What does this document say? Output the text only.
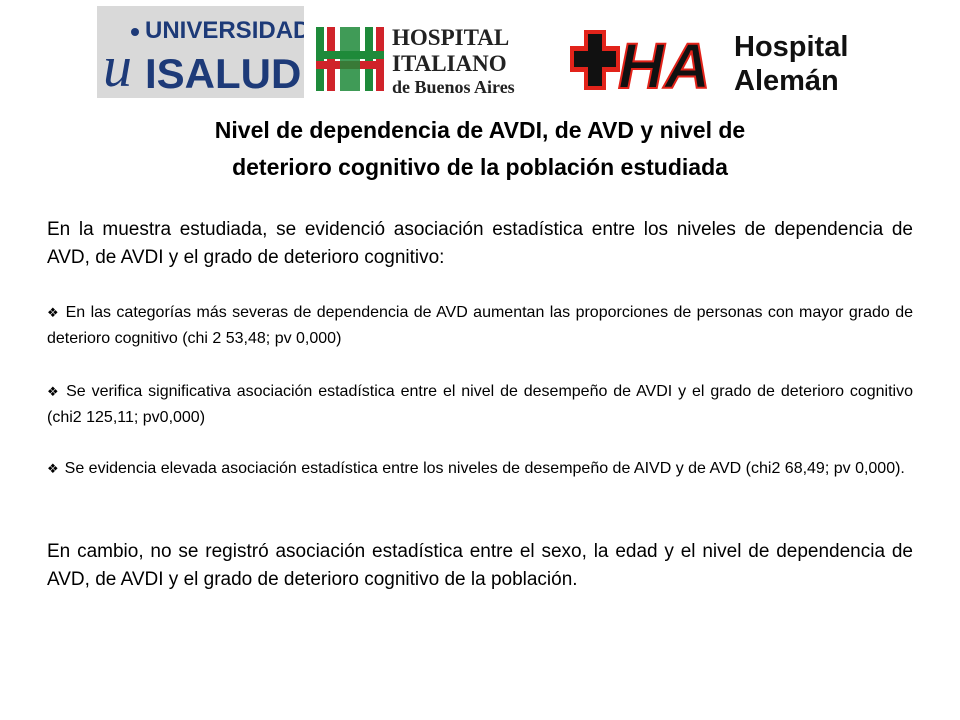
UNIVERSIDAD
u ISALUD
HOSPITAL
ITALIANO
de Buenos Aires HA Hospital
Alemán
Nivel de dependencia de AVDI, de AVD y nivel de
deterioro cognitivo de la población estudiada
En la muestra estudiada, se evidenció asociación estadística entre los niveles de dependencia de AVD, de AVDI y el grado de deterioro cognitivo:
❖ En las categorías más severas de dependencia de AVD aumentan las proporciones de personas con mayor grado de deterioro cognitivo (chi 2 53,48; pv 0,000)
❖ Se verifica significativa asociación estadística entre el nivel de desempeño de AVDI y el grado de deterioro cognitivo (chi2 125,11; pv0,000)
❖ Se evidencia elevada asociación estadística entre los niveles de desempeño de AIVD y de AVD (chi2 68,49; pv 0,000).
En cambio, no se registró asociación estadística entre el sexo, la edad y el nivel de dependencia de AVD, de AVDI y el grado de deterioro cognitivo de la población.
